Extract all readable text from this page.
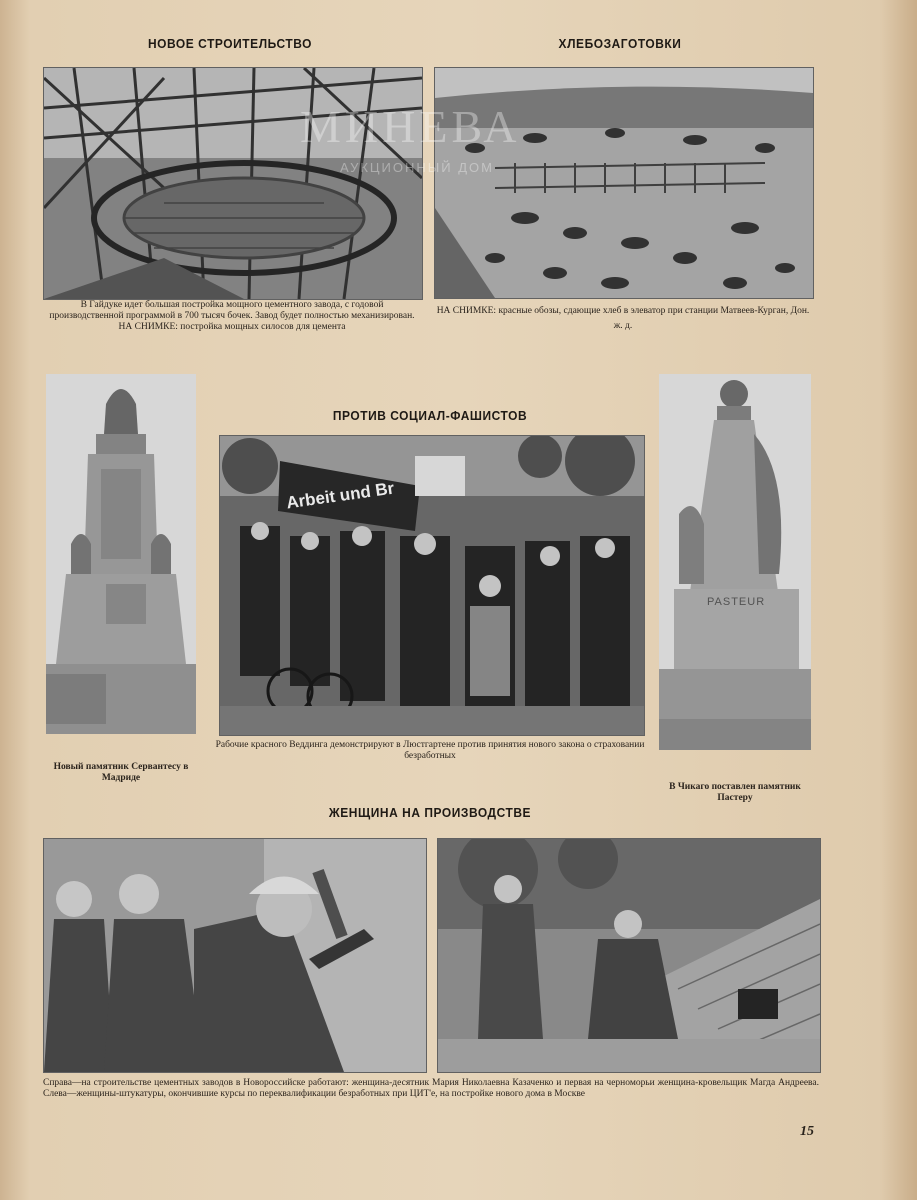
НОВОЕ СТРОИТЕЛЬСТВО	ХЛЕБОЗАГОТОВКИ
МИНЕВА
АУКЦИОННЫЙ ДОМ
В Гайдуке идет большая постройка мощного цементного завода, с годовой производственной программой в 700 тысяч бочек. Завод будет полностью механизирован. НА СНИМКЕ: постройка мощных силосов для цемента
НА СНИМКЕ: красные обозы, сдающие хлеб в элеватор при станции Матвеев-Курган, Дон. ж. д.
ПРОТИВ СОЦИАЛ-ФАШИСТОВ
Новый памятник Сервантесу в Мадриде
Arbeit und Br
Рабочие красного Веддинга демонстрируют в Люстгартене против принятия нового закона о страховании безработных
PASTEUR
В Чикаго поставлен памятник Пастеру
ЖЕНЩИНА НА ПРОИЗВОДСТВЕ
Справа—на строительстве цементных заводов в Новороссийске работают: женщина-десятник Мария Николаевна Казаченко и первая на черноморьи женщина-кровельщик Магда Андреева. Слева—женщины-штукатуры, окончившие курсы по переквалификации безработных при ЦИТ'е, на постройке нового дома в Москве
15
